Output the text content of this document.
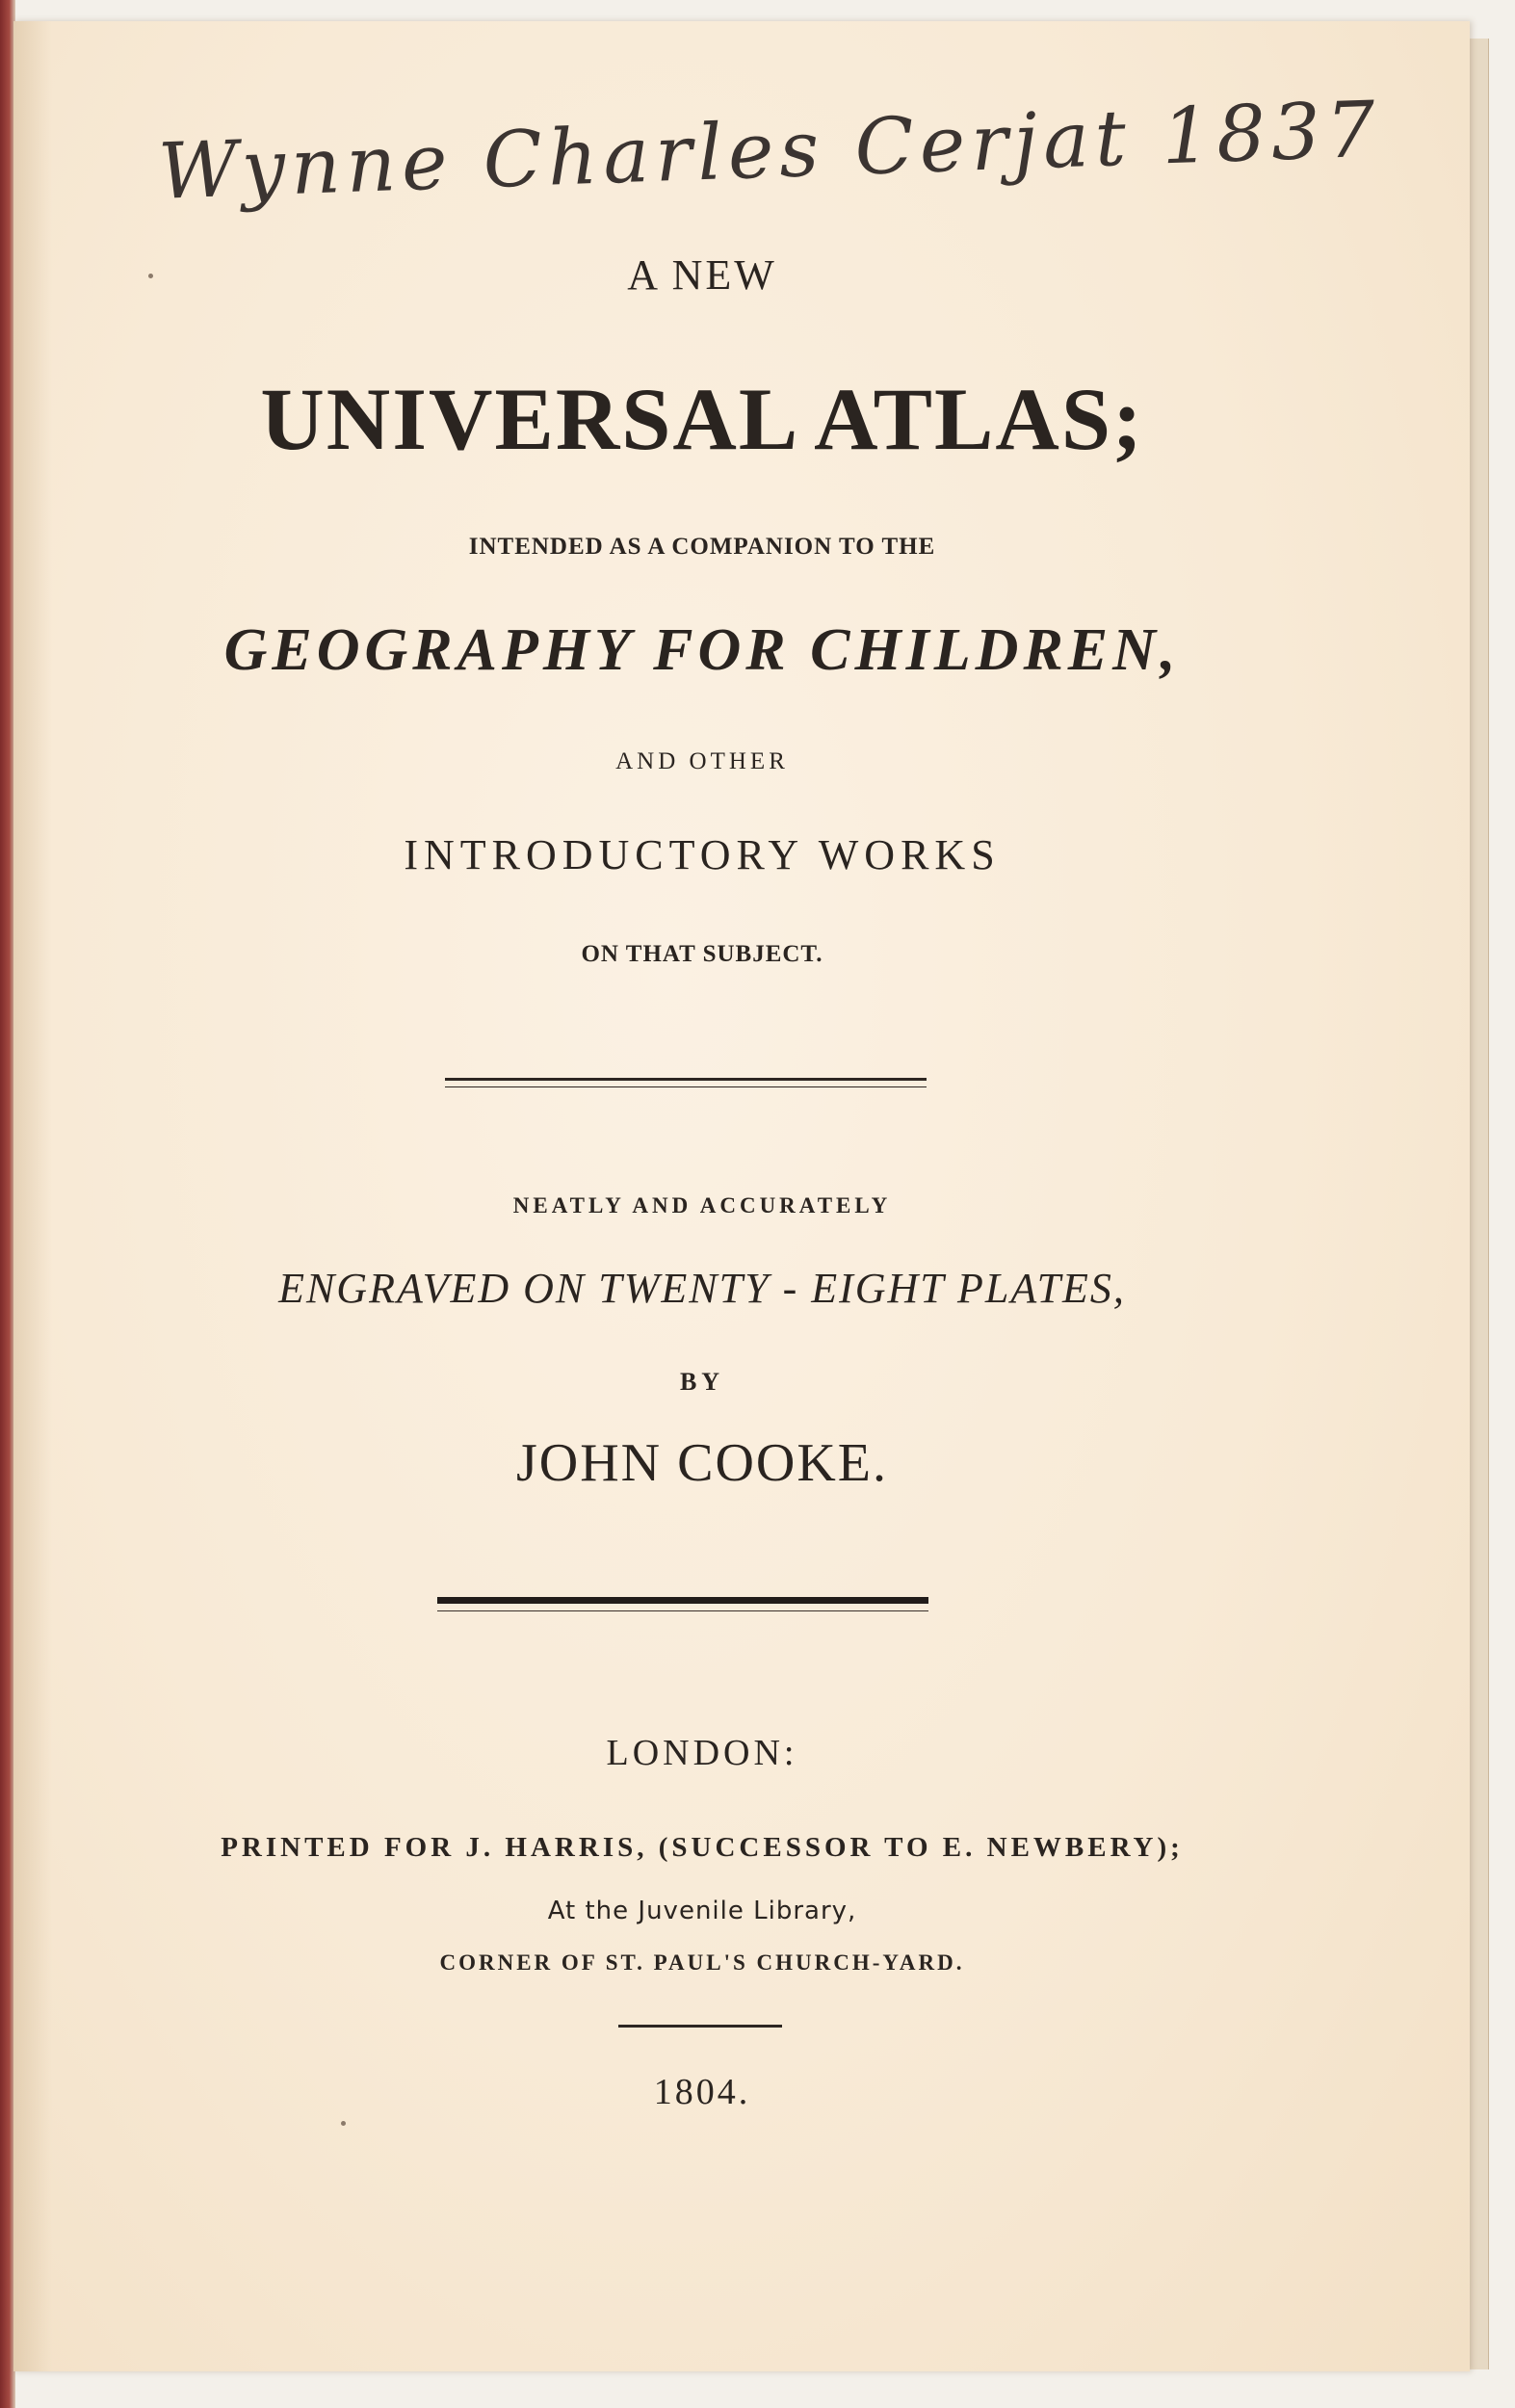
Wynne Charles Cerjat 1837
A NEW
UNIVERSAL ATLAS;
INTENDED AS A COMPANION TO THE
GEOGRAPHY FOR CHILDREN,
AND OTHER
INTRODUCTORY WORKS
ON THAT SUBJECT.
NEATLY AND ACCURATELY
ENGRAVED ON TWENTY - EIGHT PLATES,
BY
JOHN COOKE.
LONDON:
PRINTED FOR J. HARRIS, (SUCCESSOR TO E. NEWBERY);
At the Juvenile Library,
CORNER OF ST. PAUL'S CHURCH-YARD.
1804.
